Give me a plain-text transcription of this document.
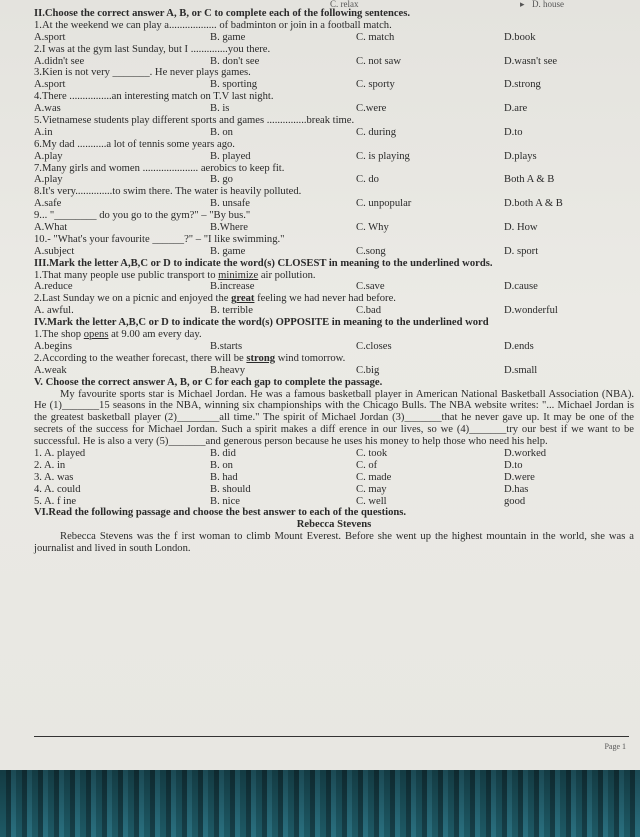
C. relax	▸ D. house
II.Choose the correct answer A, B, or C to complete each of the following sentences.
1.At the weekend we can play a.................. of badminton or join in a football match.
A.sport	B. game	C. match	D.book
2.I was at the gym last Sunday, but I ..............you there.
A.didn't see	B. don't see	C. not saw	D.wasn't see
3.Kien is not very _______. He never plays games.
A.sport	B. sporting	C. sporty	D.strong
4.There ................an interesting match on T.V last night.
A.was	B. is	C.were	D.are
5.Vietnamese students play different sports and games ...............break time.
A.in	B. on	C. during	D.to
6.My dad ...........a lot of tennis some years ago.
A.play	B. played	C. is playing	D.plays
7.Many girls and women ..................... aerobics to keep fit.
A.play	B. go	C. do	Both A & B
8.It's very..............to swim there. The water is heavily polluted.
A.safe	B. unsafe	C. unpopular	D.both A & B
9... "________ do you go to the gym?" – "By bus."
A.What	B.Where	C. Why	D. How
10.- "What's your favourite ______?" – "I like swimming."
A.subject	B. game	C.song	D. sport
III.Mark the letter A,B,C or D to indicate the word(s) CLOSEST in meaning to the underlined words.
1.That many people use public transport to minimize air pollution.
A.reduce	B.increase	C.save	D.cause
2.Last Sunday we on a picnic and enjoyed the great feeling we had never had before.
A. awful.	B. terrible	C.bad	D.wonderful
IV.Mark the letter A,B,C or D to indicate the word(s) OPPOSITE in meaning to the underlined word
1.The shop opens at 9.00 am every day.
A.begins	B.starts	C.closes	D.ends
2.According to the weather forecast, there will be strong wind tomorrow.
A.weak	B.heavy	C.big	D.small
V. Choose the correct answer A, B, or C for each gap to complete the passage.
My favourite sports star is Michael Jordan. He was a famous basketball player in American National Basketball Association (NBA). He (1)_______15 seasons in the NBA, winning six championships with the Chicago Bulls. The NBA website writes: "... Michael Jordan is the greatest basketball player (2)________all time." The spirit of Michael Jordan (3)_______that he never gave up. It may be one of the secrets of the success for Michael Jordan. Such a spirit makes a diff erence in our lives, so we (4)_______try our best if we want to be successful. He is also a very (5)_______and generous person because he uses his money to help those who need his help.
1. A. played	B. did	C. took	D.worked
2. A. in	B. on	C. of	D.to
3. A. was	B. had	C. made	D.were
4. A. could	B. should	C. may	D.has
5. A. f ine	B. nice	C. well	good
VI.Read the following passage and choose the best answer to each of the questions.
Rebecca Stevens
Rebecca Stevens was the f irst woman to climb Mount Everest. Before she went up the highest mountain in the world, she was a journalist and lived in south London.
Page 1
